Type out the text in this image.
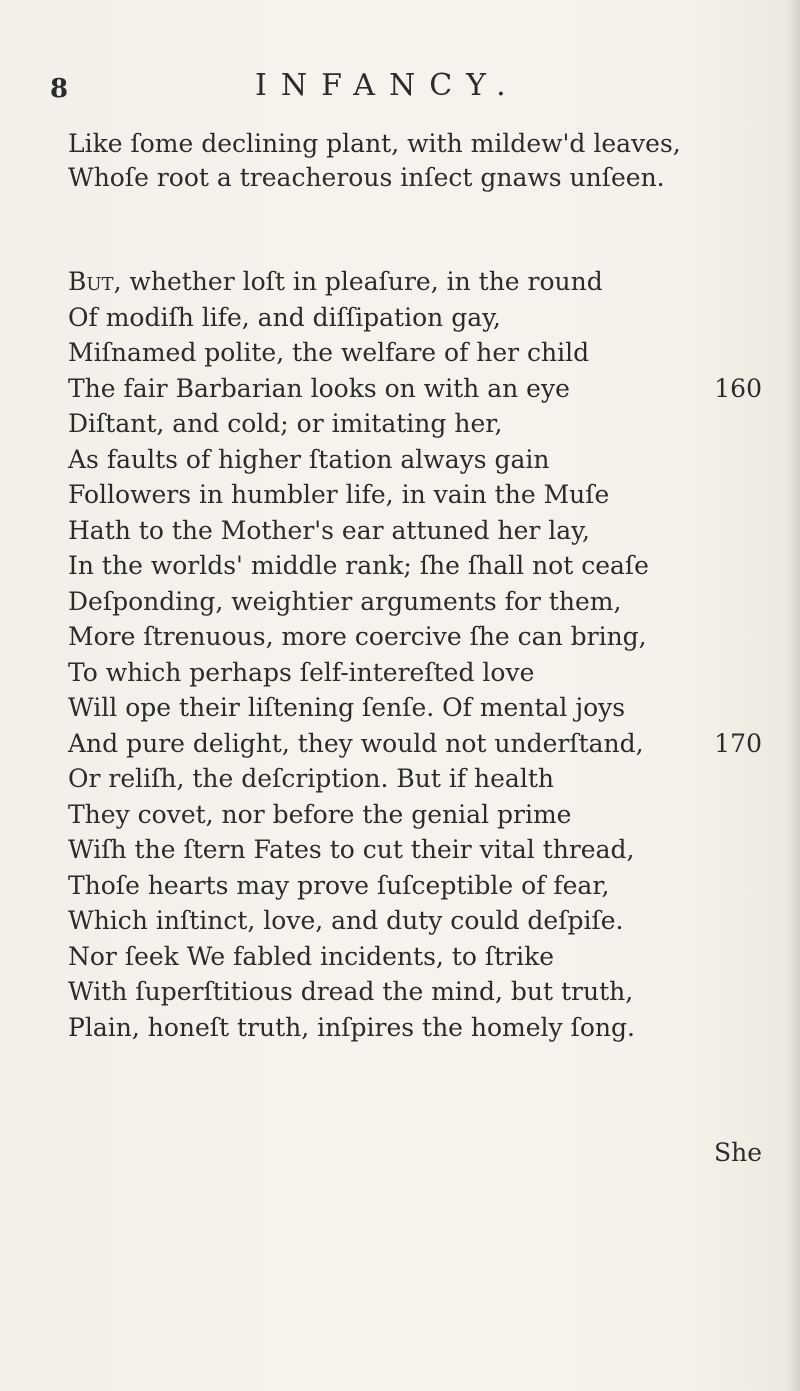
8	INFANCY.
Like ſome declining plant, with mildew'd leaves,
Whoſe root a treacherous inſect gnaws unſeen.
But, whether loſt in pleaſure, in the round
Of modiſh life, and diſſipation gay,
Miſnamed polite, the welfare of her child
The fair Barbarian looks on with an eye
Diſtant, and cold; or imitating her,
As faults of higher ſtation always gain
Followers in humbler life, in vain the Muſe
Hath to the Mother's ear attuned her lay,
In the worlds' middle rank; ſhe ſhall not ceaſe
Deſponding, weightier arguments for them,
More ſtrenuous, more coercive ſhe can bring,
To which perhaps ſelf-intereſted love
Will ope their liſtening ſenſe. Of mental joys
And pure delight, they would not underſtand,
Or reliſh, the deſcription. But if health
They covet, nor before the genial prime
Wiſh the ſtern Fates to cut their vital thread,
Thoſe hearts may prove ſuſceptible of fear,
Which inſtinct, love, and duty could deſpiſe.
Nor ſeek We fabled incidents, to ſtrike
With ſuperſtitious dread the mind, but truth,
Plain, honeſt truth, inſpires the homely ſong.
160
170
She
